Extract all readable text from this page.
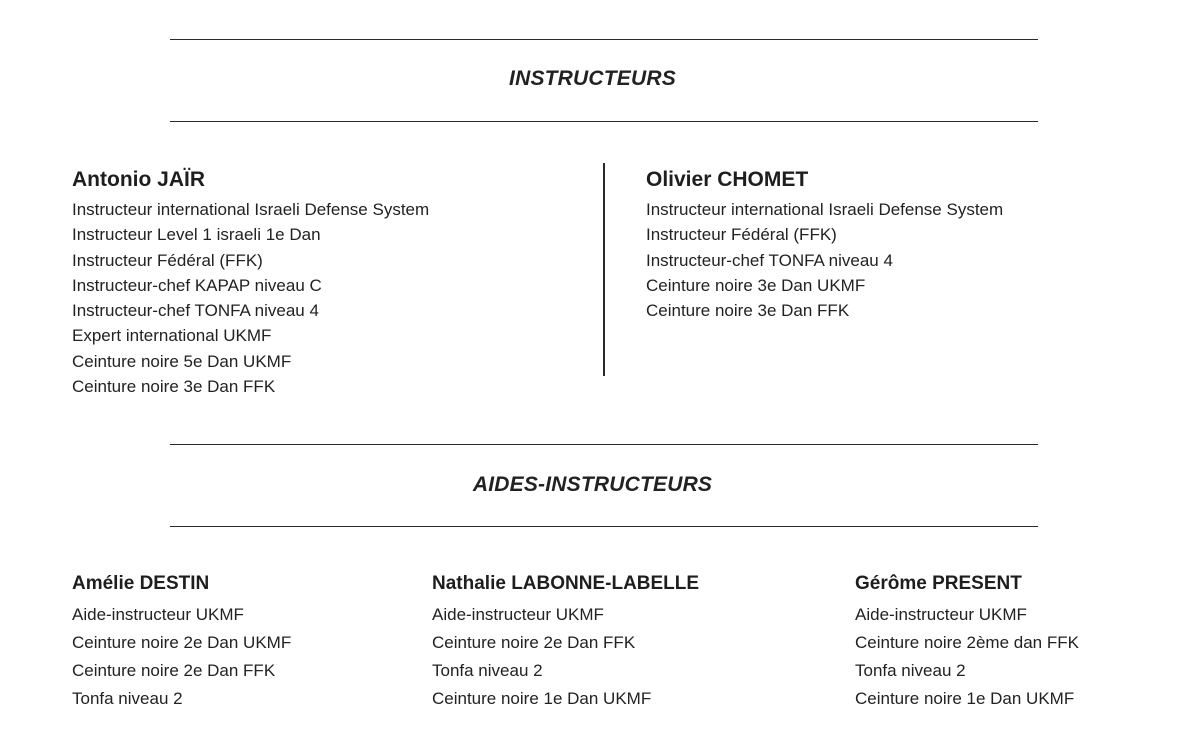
INSTRUCTEURS
Antonio JAÏR
Instructeur international Israeli Defense System
Instructeur Level 1 israeli 1e Dan
Instructeur Fédéral (FFK)
Instructeur-chef KAPAP niveau C
Instructeur-chef TONFA niveau 4
Expert international UKMF
Ceinture noire 5e Dan UKMF
Ceinture noire 3e Dan FFK
Olivier CHOMET
Instructeur international Israeli Defense System
Instructeur Fédéral (FFK)
Instructeur-chef TONFA niveau 4
Ceinture noire 3e Dan UKMF
Ceinture noire 3e Dan FFK
AIDES-INSTRUCTEURS
Amélie DESTIN
Aide-instructeur UKMF
Ceinture noire 2e Dan UKMF
Ceinture noire 2e Dan FFK
Tonfa niveau 2
Nathalie LABONNE-LABELLE
Aide-instructeur UKMF
Ceinture noire 2e Dan FFK
Tonfa niveau 2
Ceinture noire 1e Dan UKMF
Gérôme PRESENT
Aide-instructeur UKMF
Ceinture noire 2ème dan FFK
Tonfa niveau 2
Ceinture noire 1e Dan UKMF
